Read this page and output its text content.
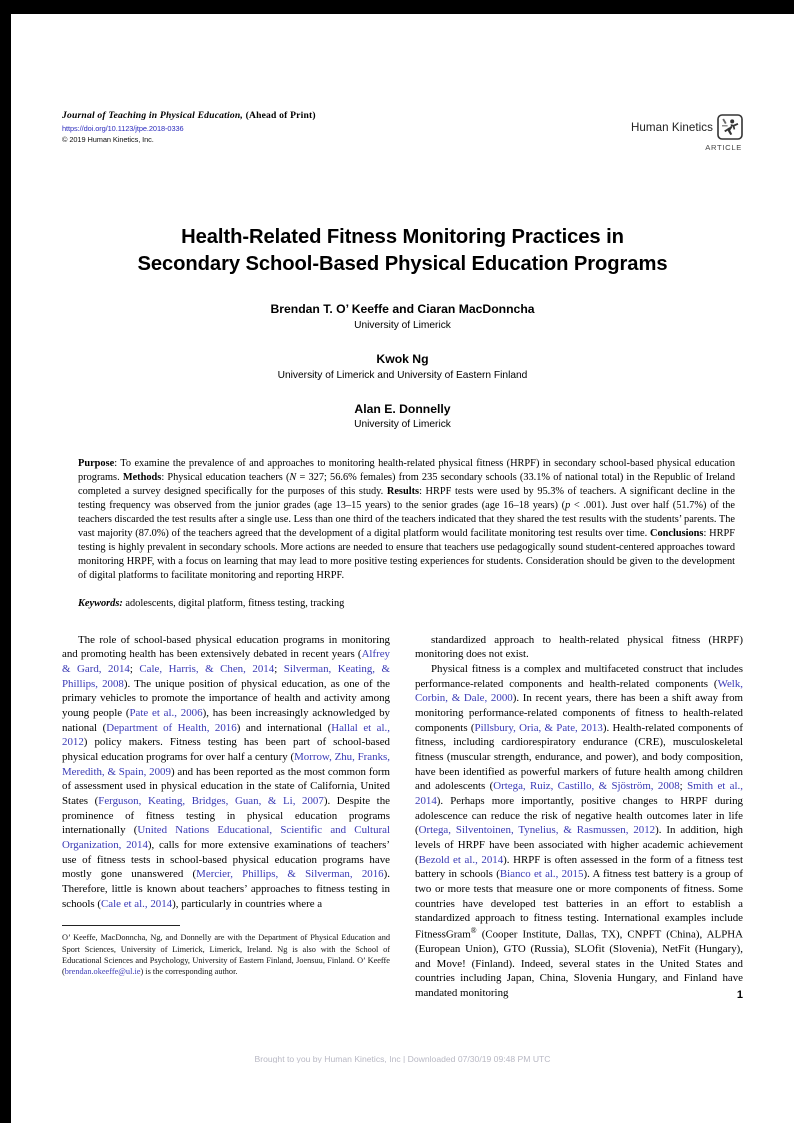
Journal of Teaching in Physical Education, (Ahead of Print)
https://doi.org/10.1123/jtpe.2018-0336
© 2019 Human Kinetics, Inc.
Human Kinetics
ARTICLE
Health-Related Fitness Monitoring Practices in
Secondary School-Based Physical Education Programs
Brendan T. O’ Keeffe and Ciaran MacDonncha
University of Limerick
Kwok Ng
University of Limerick and University of Eastern Finland
Alan E. Donnelly
University of Limerick
Purpose: To examine the prevalence of and approaches to monitoring health-related physical fitness (HRPF) in secondary school-based physical education programs. Methods: Physical education teachers (N = 327; 56.6% females) from 235 secondary schools (33.1% of national total) in the Republic of Ireland completed a survey designed specifically for the purposes of this study. Results: HRPF tests were used by 95.3% of teachers. A significant decline in the testing frequency was observed from the junior grades (age 13–15 years) to the senior grades (age 16–18 years) (p < .001). Just over half (51.7%) of the teachers discarded the test results after a single use. Less than one third of the teachers indicated that they shared the test results with the students’ parents. The vast majority (87.0%) of the teachers agreed that the development of a digital platform would facilitate monitoring test results over time. Conclusions: HRPF testing is highly prevalent in secondary schools. More actions are needed to ensure that teachers use pedagogically sound student-centered approaches toward monitoring HRPF, with a focus on learning that may lead to more positive testing experiences for students. Consideration should be given to the development of digital platforms to facilitate monitoring and reporting HRPF.
Keywords: adolescents, digital platform, fitness testing, tracking

The role of school-based physical education programs in monitoring and promoting health has been extensively debated in recent years (Alfrey & Gard, 2014; Cale, Harris, & Chen, 2014; Silverman, Keating, & Phillips, 2008). The unique position of physical education, as one of the primary vehicles to promote the importance of health and activity among young people (Pate et al., 2006), has been increasingly acknowledged by national (Department of Health, 2016) and international (Hallal et al., 2012) policy makers. Fitness testing has been part of school-based physical education programs for over half a century (Morrow, Zhu, Franks, Meredith, & Spain, 2009) and has been reported as the most common form of assessment used in physical education in the state of California, United States (Ferguson, Keating, Bridges, Guan, & Li, 2007). Despite the prominence of fitness testing in physical education programs internationally (United Nations Educational, Scientific and Cultural Organization, 2014), calls for more extensive examinations of teachers’ use of fitness tests in school-based physical education programs have mostly gone unanswered (Mercier, Phillips, & Silverman, 2016). Therefore, little is known about teachers’ approaches to fitness testing in schools (Cale et al., 2014), particularly in countries where a

O’ Keeffe, MacDonncha, Ng, and Donnelly are with the Department of Physical Education and Sport Sciences, University of Limerick, Limerick, Ireland. Ng is also with the School of Educational Sciences and Psychology, University of Eastern Finland, Joensuu, Finland. O’ Keeffe (brendan.okeeffe@ul.ie) is the corresponding author.

standardized approach to health-related physical fitness (HRPF) monitoring does not exist.

Physical fitness is a complex and multifaceted construct that includes performance-related components and health-related components (Welk, Corbin, & Dale, 2000). In recent years, there has been a shift away from monitoring performance-related components of fitness to health-related components (Pillsbury, Oria, & Pate, 2013). Health-related components of fitness, including cardiorespiratory endurance (CRE), musculoskeletal fitness (muscular strength, endurance, and power), and body composition, have been identified as powerful markers of future health among children and adolescents (Ortega, Ruiz, Castillo, & Sjöström, 2008; Smith et al., 2014). Perhaps more importantly, positive changes to HRPF during adolescence can reduce the risk of negative health outcomes later in life (Ortega, Silventoinen, Tynelius, & Rasmussen, 2012). In addition, high levels of HRPF have been associated with higher academic achievement (Bezold et al., 2014). HRPF is often assessed in the form of a fitness test battery in schools (Bianco et al., 2015). A fitness test battery is a group of two or more tests that measure one or more components of fitness. Some countries have developed test batteries in an effort to establish a standardized approach to fitness testing. International examples include FitnessGram® (Cooper Institute, Dallas, TX), CNPFT (China), ALPHA (European Union), GTO (Russia), SLOfit (Slovenia), NetFit (Hungary), and Move! (Finland). Indeed, several states in the United States and countries including Japan, China, Slovenia Hungary, and Finland have mandated monitoring	1
Brought to you by Human Kinetics, Inc | Downloaded 07/30/19 09:48 PM UTC
